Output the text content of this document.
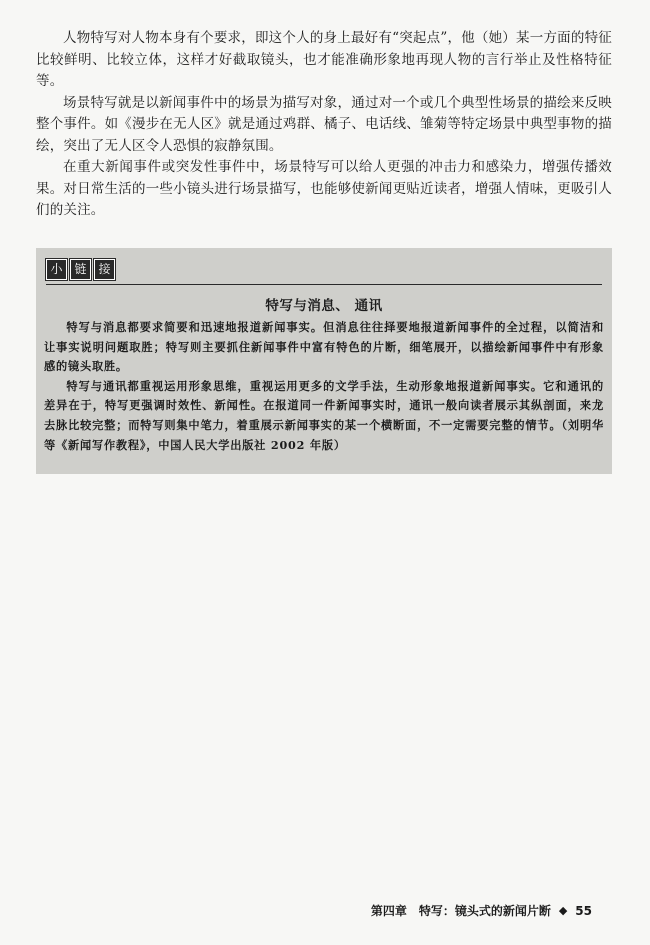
人物特写对人物本身有个要求，即这个人的身上最好有“突起点”，他（她）某一方面的特征比较鲜明、比较立体，这样才好截取镜头，也才能准确形象地再现人物的言行举止及性格特征等。

场景特写就是以新闻事件中的场景为描写对象，通过对一个或几个典型性场景的描绘来反映整个事件。如《漫步在无人区》就是通过鸡群、橘子、电话线、雏菊等特定场景中典型事物的描绘，突出了无人区令人恐惧的寂静氛围。

在重大新闻事件或突发性事件中，场景特写可以给人更强的冲击力和感染力，增强传播效果。对日常生活的一些小镜头进行场景描写，也能够使新闻更贴近读者，增强人情味，更吸引人们的关注。

小 链 接
特写与消息、 通讯

特写与消息都要求简要和迅速地报道新闻事实。但消息往往择要地报道新闻事件的全过程，以简洁和让事实说明问题取胜；特写则主要抓住新闻事件中富有特色的片断，细笔展开，以描绘新闻事件中有形象感的镜头取胜。

特写与通讯都重视运用形象思维，重视运用更多的文学手法，生动形象地报道新闻事实。它和通讯的差异在于，特写更强调时效性、新闻性。在报道同一件新闻事实时，通讯一般向读者展示其纵剖面，来龙去脉比较完整；而特写则集中笔力，着重展示新闻事实的某一个横断面，不一定需要完整的情节。（刘明华等《新闻写作教程》，中国人民大学出版社 2002 年版）

第四章　特写：镜头式的新闻片断 ◆ 55
